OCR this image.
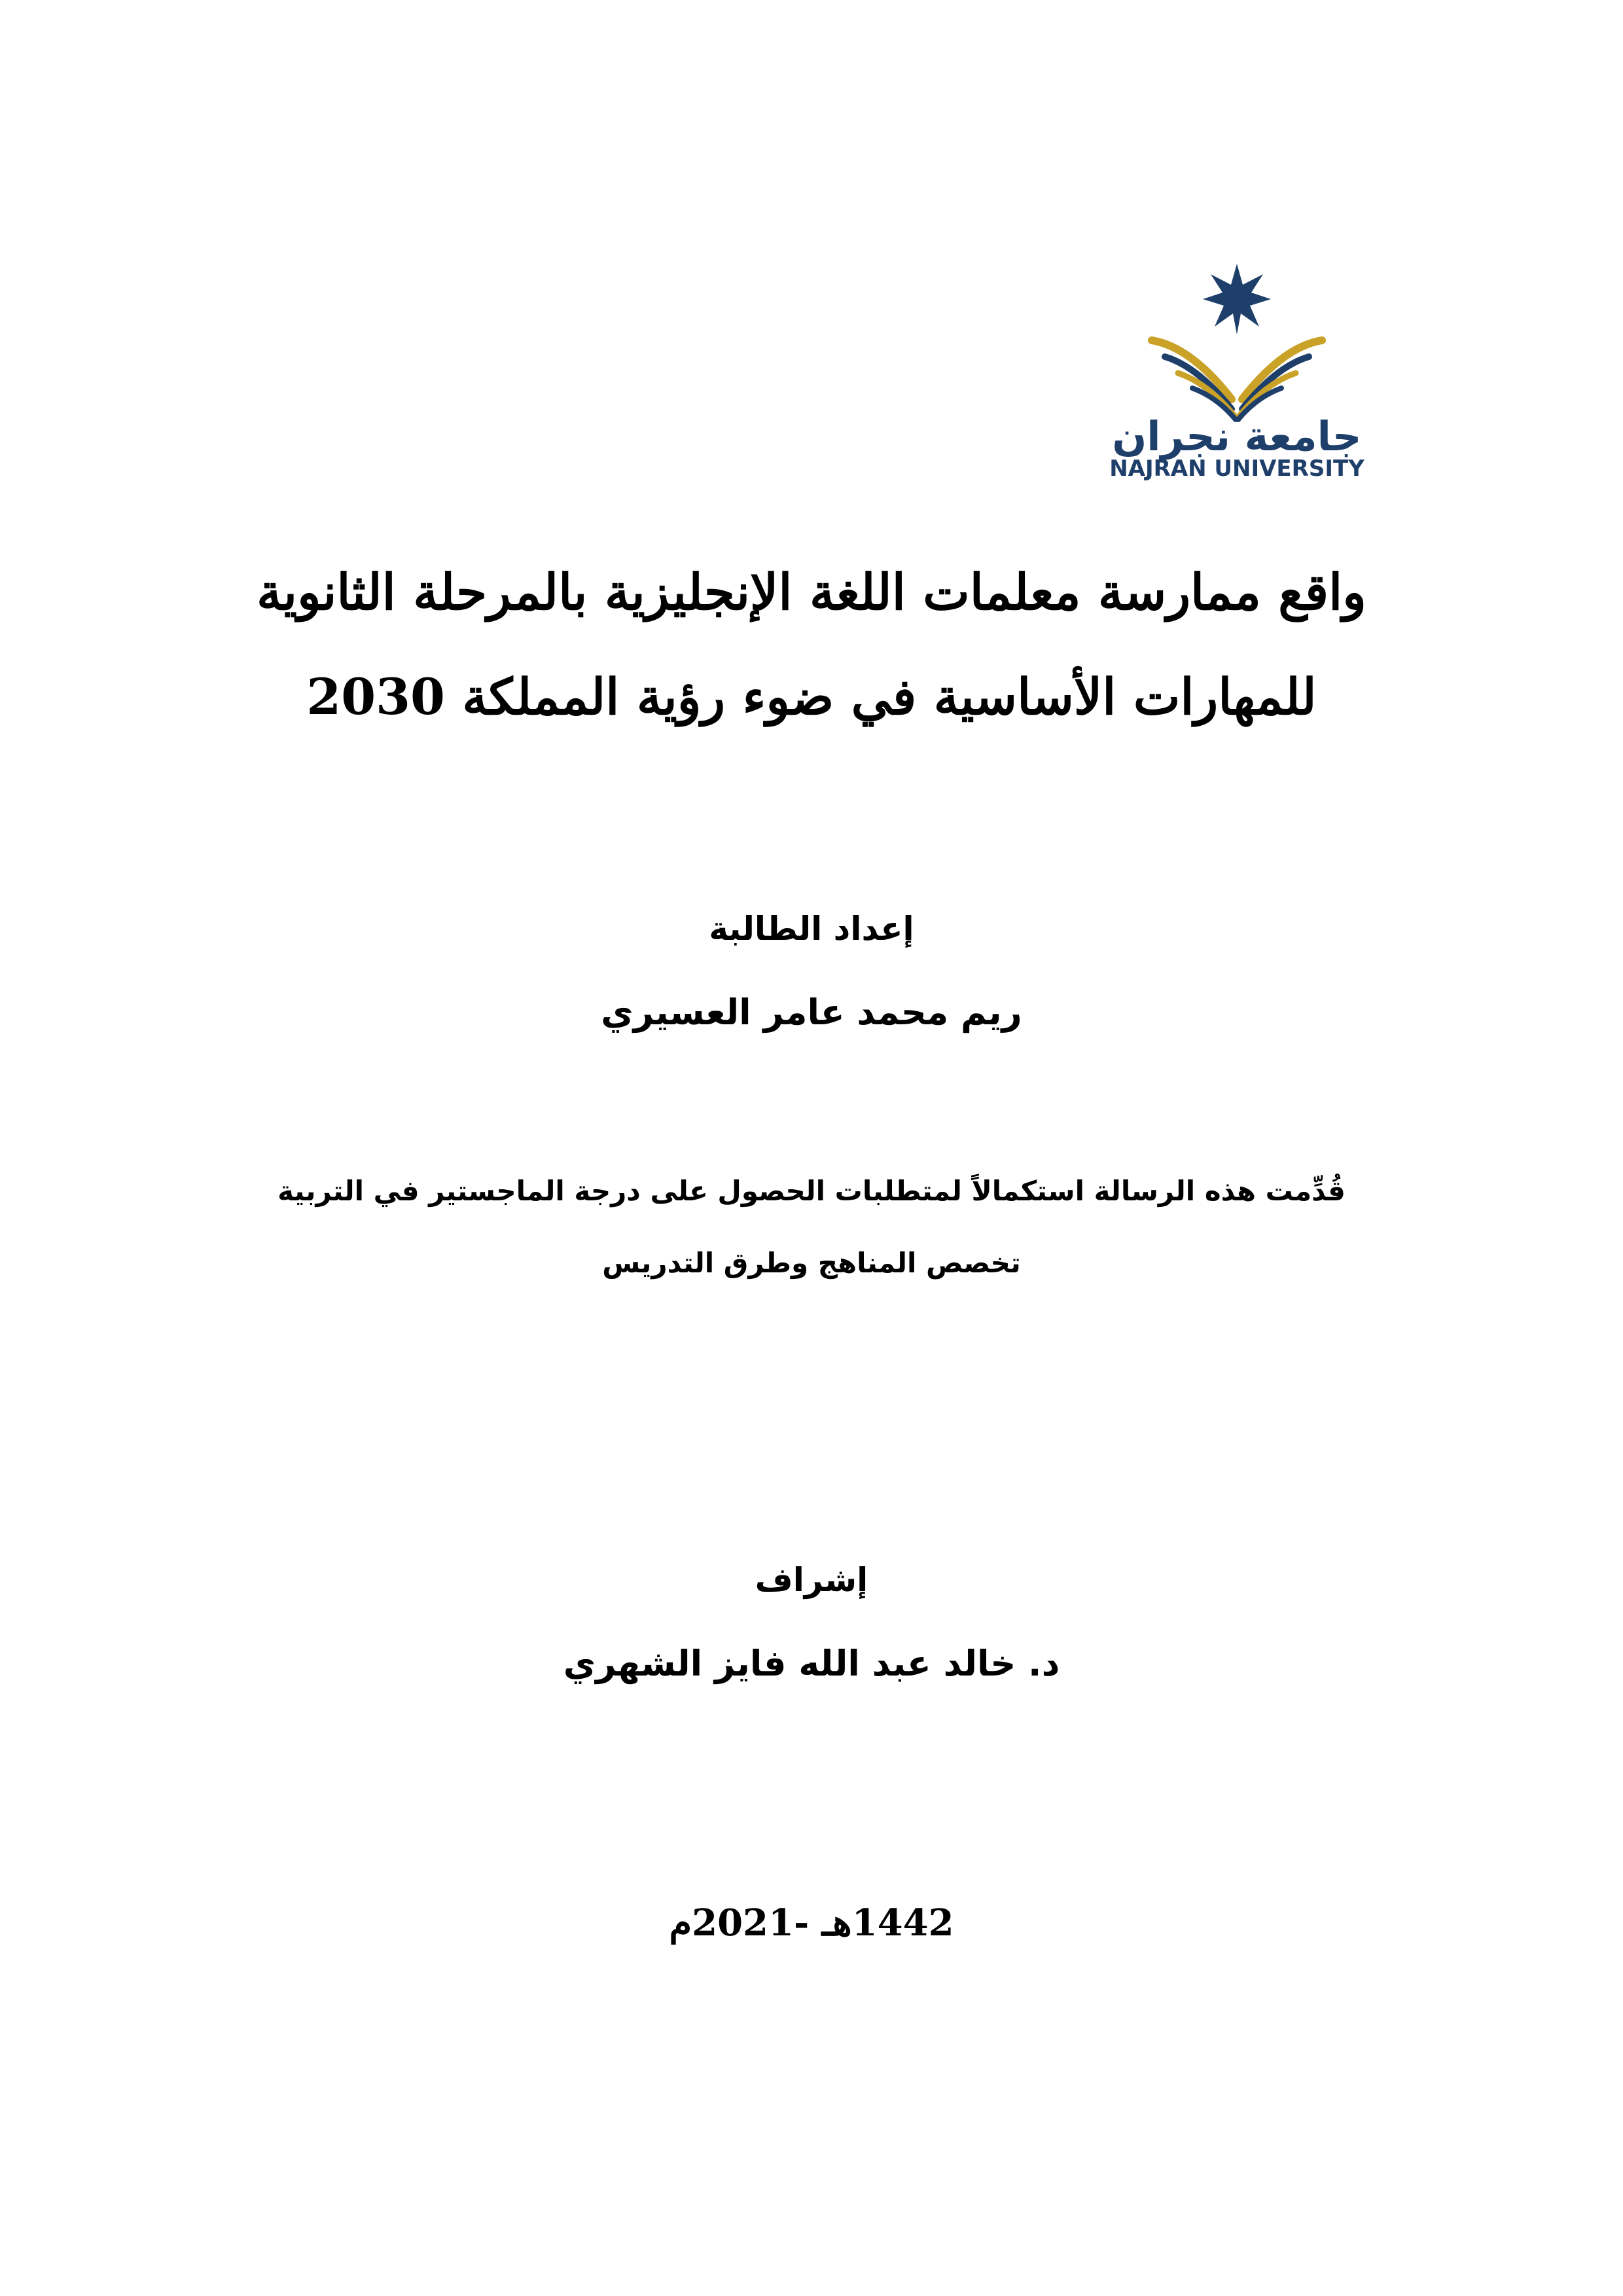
جامعة نجران
NAJRAN UNIVERSITY
واقع ممارسة معلمات اللغة الإنجليزية بالمرحلة الثانوية
للمهارات الأساسية في ضوء رؤية المملكة 2030
إعداد الطالبة
ريم محمد عامر العسيري
قُدِّمت هذه الرسالة استكمالاً لمتطلبات الحصول على درجة الماجستير في التربية
تخصص المناهج وطرق التدريس
إشراف
د. خالد عبد الله فايز الشهري
1442هـ -2021م
